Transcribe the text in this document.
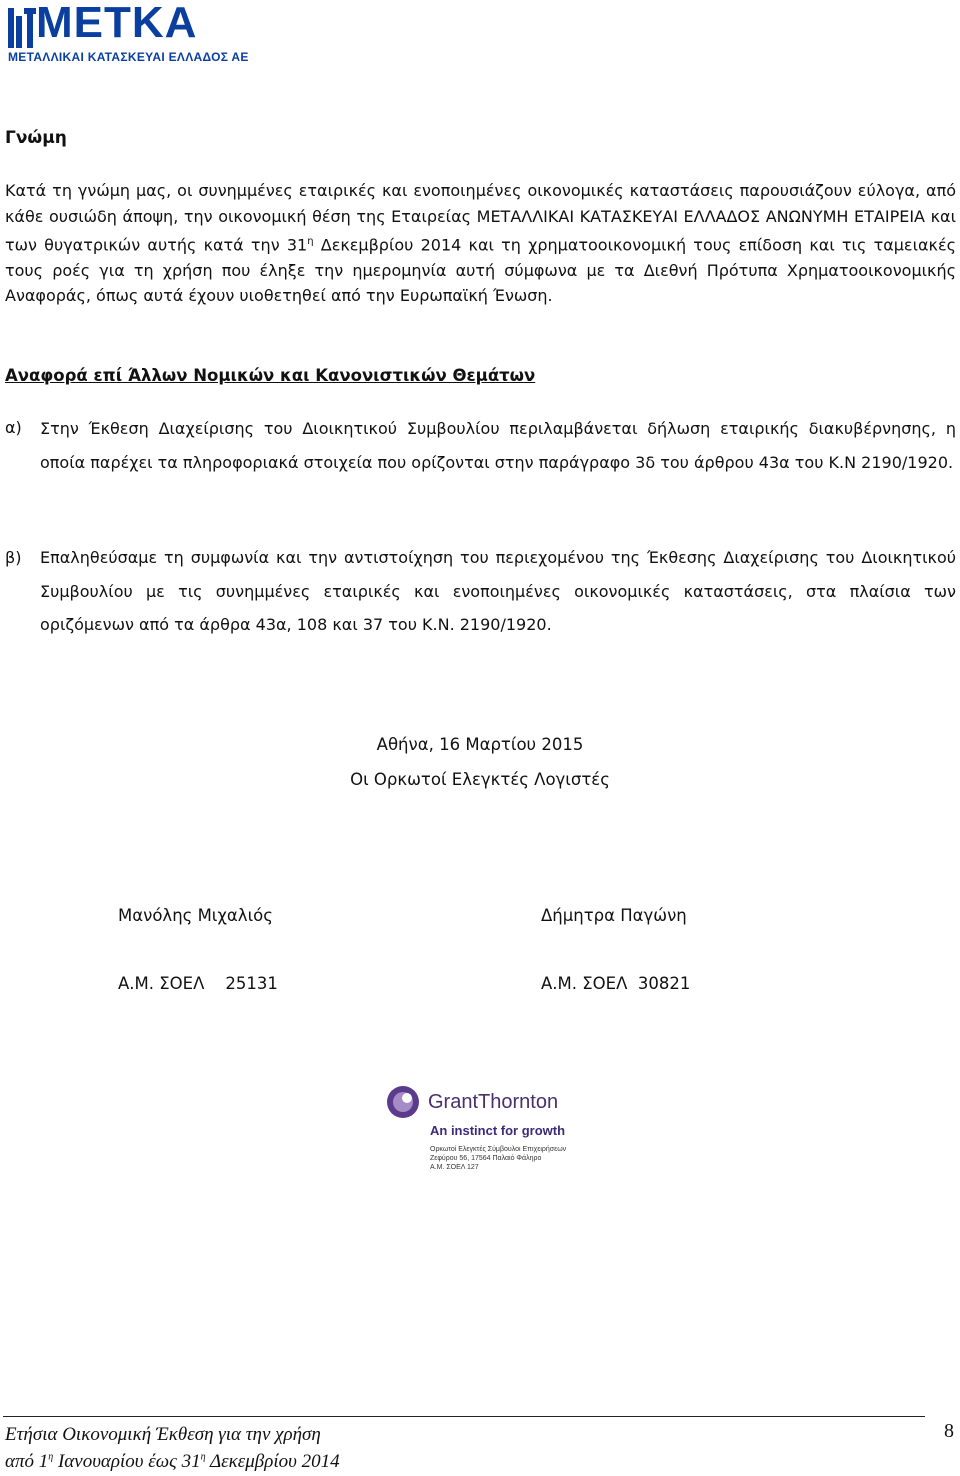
ΜΕΤΚΑ
ΜΕΤΑΛΛΙΚΑΙ ΚΑΤΑΣΚΕΥΑΙ ΕΛΛΑΔΟΣ ΑΕ
Γνώμη
Κατά τη γνώμη μας, οι συνημμένες εταιρικές και ενοποιημένες οικονομικές καταστάσεις παρουσιάζουν εύλογα, από κάθε ουσιώδη άποψη, την οικονομική θέση της Εταιρείας ΜΕΤΑΛΛΙΚΑΙ ΚΑΤΑΣΚΕΥΑΙ ΕΛΛΑΔΟΣ ΑΝΩΝΥΜΗ ΕΤΑΙΡΕΙΑ και των θυγατρικών αυτής κατά την $31^\eta$ Δεκεμβρίου 2014 και τη χρηματοοικονομική τους επίδοση και τις ταμειακές τους ροές για τη χρήση που έληξε την ημερομηνία αυτή σύμφωνα με τα Διεθνή Πρότυπα Χρηματοοικονομικής Αναφοράς, όπως αυτά έχουν υιοθετηθεί από την Ευρωπαϊκή Ένωση.
Αναφορά επί Άλλων Νομικών και Κανονιστικών Θεμάτων
α) Στην Έκθεση Διαχείρισης του Διοικητικού Συμβουλίου περιλαμβάνεται δήλωση εταιρικής διακυβέρνησης, η οποία παρέχει τα πληροφοριακά στοιχεία που ορίζονται στην παράγραφο 3δ του άρθρου 43α του Κ.Ν 2190/1920.
β) Επαληθεύσαμε τη συμφωνία και την αντιστοίχηση του περιεχομένου της Έκθεσης Διαχείρισης του Διοικητικού Συμβουλίου με τις συνημμένες εταιρικές και ενοποιημένες οικονομικές καταστάσεις, στα πλαίσια των οριζόμενων από τα άρθρα 43α, 108 και 37 του Κ.Ν. 2190/1920.
Αθήνα, 16 Μαρτίου 2015
Οι Ορκωτοί Ελεγκτές Λογιστές
Μανόλης Μιχαλιός	Δήμητρα Παγώνη
Α.Μ. ΣΟΕΛ    25131	Α.Μ. ΣΟΕΛ  30821
GrantThornton
An instinct for growth
Ορκωτοί Ελεγκτές Σύμβουλοι Επιχειρήσεων
Ζεφύρου 56, 17564 Παλαιό Φάληρο
Α.Μ. ΣΟΕΛ 127
Ετήσια Οικονομική Έκθεση για την χρήση
από $1^\eta$ Ιανουαρίου έως $31^\eta$ Δεκεμβρίου 2014
8
